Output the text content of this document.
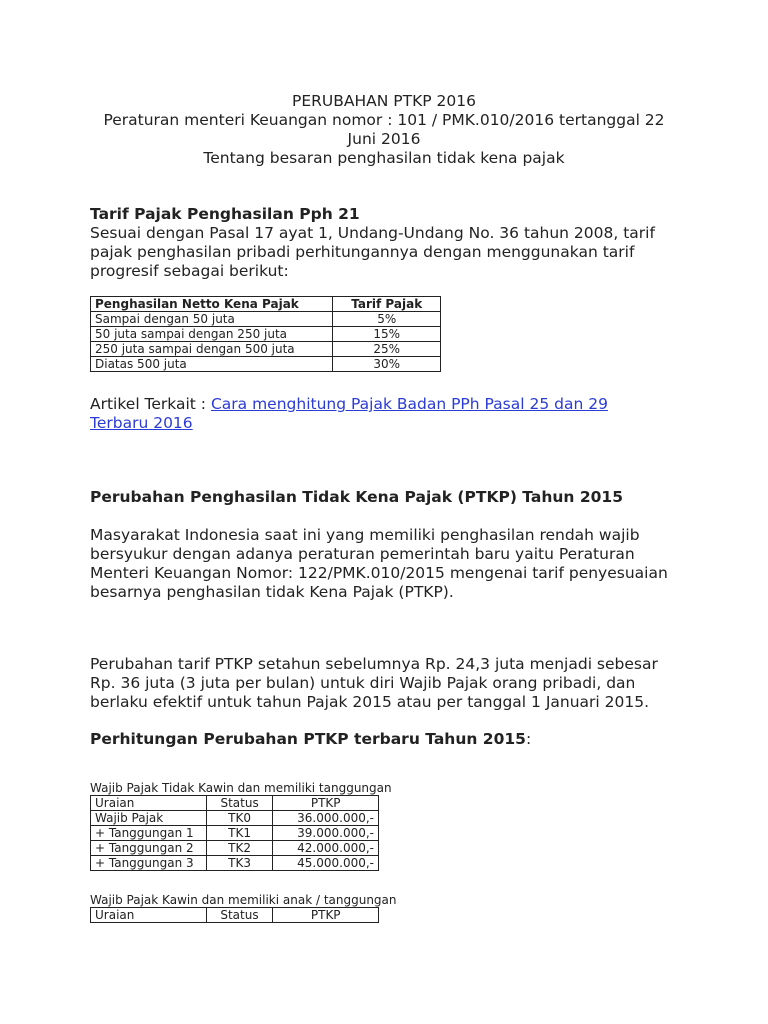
PERUBAHAN PTKP 2016
Peraturan menteri Keuangan nomor : 101 / PMK.010/2016 tertanggal 22
Juni 2016
Tentang besaran penghasilan tidak kena pajak
Tarif Pajak Penghasilan Pph 21
Sesuai dengan Pasal 17 ayat 1, Undang-Undang No. 36 tahun 2008, tarif
pajak penghasilan pribadi perhitungannya dengan menggunakan tarif
progresif sebagai berikut:
Penghasilan Netto Kena Pajak	Tarif Pajak
Sampai dengan 50 juta	5%
50 juta sampai dengan 250 juta	15%
250 juta sampai dengan 500 juta	25%
Diatas 500 juta	30%
Artikel Terkait : Cara menghitung Pajak Badan PPh Pasal 25 dan 29
Terbaru 2016
Perubahan Penghasilan Tidak Kena Pajak (PTKP) Tahun 2015
Masyarakat Indonesia saat ini yang memiliki penghasilan rendah wajib
bersyukur dengan adanya peraturan pemerintah baru yaitu Peraturan
Menteri Keuangan Nomor: 122/PMK.010/2015 mengenai tarif penyesuaian
besarnya penghasilan tidak Kena Pajak (PTKP).
Perubahan tarif PTKP setahun sebelumnya Rp. 24,3 juta menjadi sebesar
Rp. 36 juta (3 juta per bulan) untuk diri Wajib Pajak orang pribadi, dan
berlaku efektif untuk tahun Pajak 2015 atau per tanggal 1 Januari 2015.
Perhitungan Perubahan PTKP terbaru Tahun 2015:
Wajib Pajak Tidak Kawin dan memiliki tanggungan
Uraian	Status	PTKP
Wajib Pajak	TK0	36.000.000,-
+ Tanggungan 1	TK1	39.000.000,-
+ Tanggungan 2	TK2	42.000.000,-
+ Tanggungan 3	TK3	45.000.000,-
Wajib Pajak Kawin dan memiliki anak / tanggungan
Uraian	Status	PTKP
